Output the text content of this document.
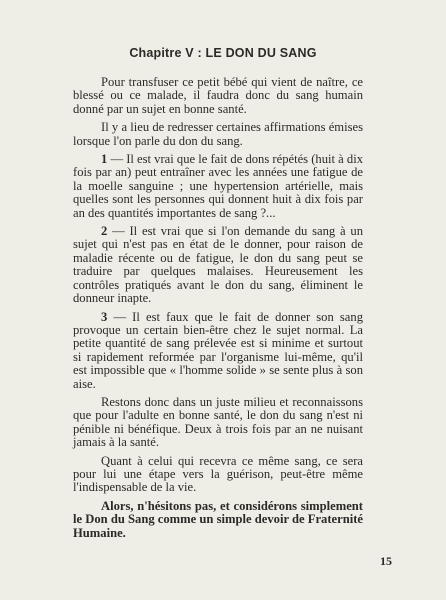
Chapitre V : LE DON DU SANG

Pour transfuser ce petit bébé qui vient de naître, ce blessé ou ce malade, il faudra donc du sang humain donné par un sujet en bonne santé.

Il y a lieu de redresser certaines affirmations émises lorsque l'on parle du don du sang.

1 — Il est vrai que le fait de dons répétés (huit à dix fois par an) peut entraîner avec les années une fatigue de la moelle sanguine ; une hypertension artérielle, mais quelles sont les personnes qui donnent huit à dix fois par an des quantités importantes de sang ?...

2 — Il est vrai que si l'on demande du sang à un sujet qui n'est pas en état de le donner, pour raison de maladie récente ou de fatigue, le don du sang peut se traduire par quelques malaises. Heureusement les contrôles pratiqués avant le don du sang, éliminent le donneur inapte.

3 — Il est faux que le fait de donner son sang provoque un certain bien-être chez le sujet normal. La petite quantité de sang prélevée est si minime et surtout si rapidement reformée par l'organisme lui-même, qu'il est impossible que « l'homme solide » se sente plus à son aise.

Restons donc dans un juste milieu et reconnaissons que pour l'adulte en bonne santé, le don du sang n'est ni pénible ni bénéfique. Deux à trois fois par an ne nuisant jamais à la santé.

Quant à celui qui recevra ce même sang, ce sera pour lui une étape vers la guérison, peut-être même l'indispensable de la vie.

Alors, n'hésitons pas, et considérons simplement le Don du Sang comme un simple devoir de Fraternité Humaine.

15
